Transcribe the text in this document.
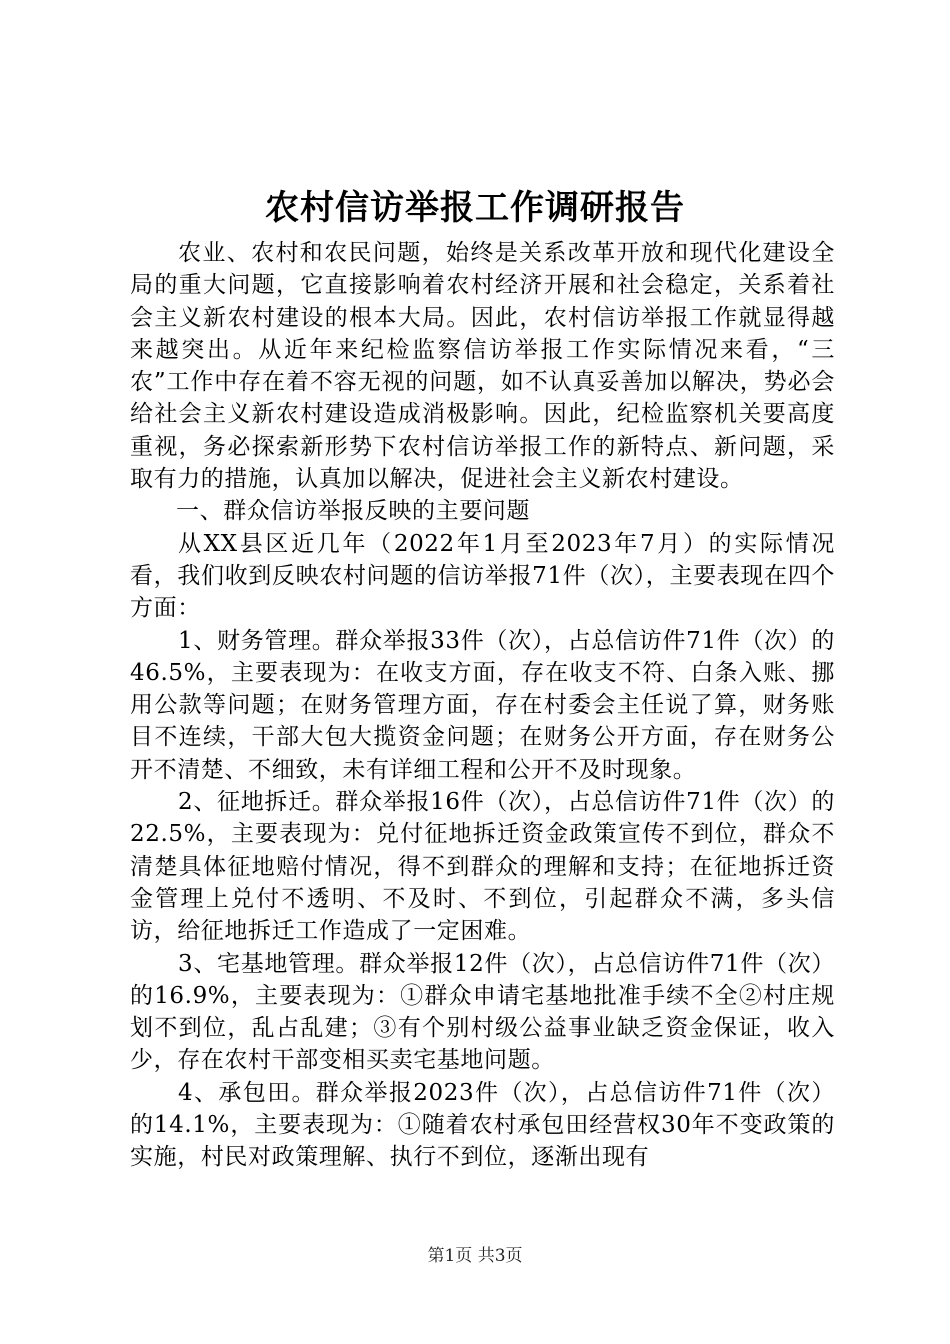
农村信访举报工作调研报告

农业、农村和农民问题，始终是关系改革开放和现代化建设全局的重大问题，它直接影响着农村经济开展和社会稳定，关系着社会主义新农村建设的根本大局。因此，农村信访举报工作就显得越来越突出。从近年来纪检监察信访举报工作实际情况来看，“三农”工作中存在着不容无视的问题，如不认真妥善加以解决，势必会给社会主义新农村建设造成消极影响。因此，纪检监察机关要高度重视，务必探索新形势下农村信访举报工作的新特点、新问题，采取有力的措施，认真加以解决，促进社会主义新农村建设。

一、群众信访举报反映的主要问题

从XX县区近几年（2022年1月至2023年7月）的实际情况看，我们收到反映农村问题的信访举报71件（次），主要表现在四个方面：

1、财务管理。群众举报33件（次），占总信访件71件（次）的46.5%，主要表现为：在收支方面，存在收支不符、白条入账、挪用公款等问题；在财务管理方面，存在村委会主任说了算，财务账目不连续，干部大包大揽资金问题；在财务公开方面，存在财务公开不清楚、不细致，未有详细工程和公开不及时现象。

2、征地拆迁。群众举报16件（次），占总信访件71件（次）的22.5%，主要表现为：兑付征地拆迁资金政策宣传不到位，群众不清楚具体征地赔付情况，得不到群众的理解和支持；在征地拆迁资金管理上兑付不透明、不及时、不到位，引起群众不满，多头信访，给征地拆迁工作造成了一定困难。

3、宅基地管理。群众举报12件（次），占总信访件71件（次）的16.9%，主要表现为：①群众申请宅基地批准手续不全②村庄规划不到位，乱占乱建；③有个别村级公益事业缺乏资金保证，收入少，存在农村干部变相买卖宅基地问题。

4、承包田。群众举报2023件（次），占总信访件71件（次）的14.1%，主要表现为：①随着农村承包田经营权30年不变政策的实施，村民对政策理解、执行不到位，逐渐出现有

第1页 共3页
